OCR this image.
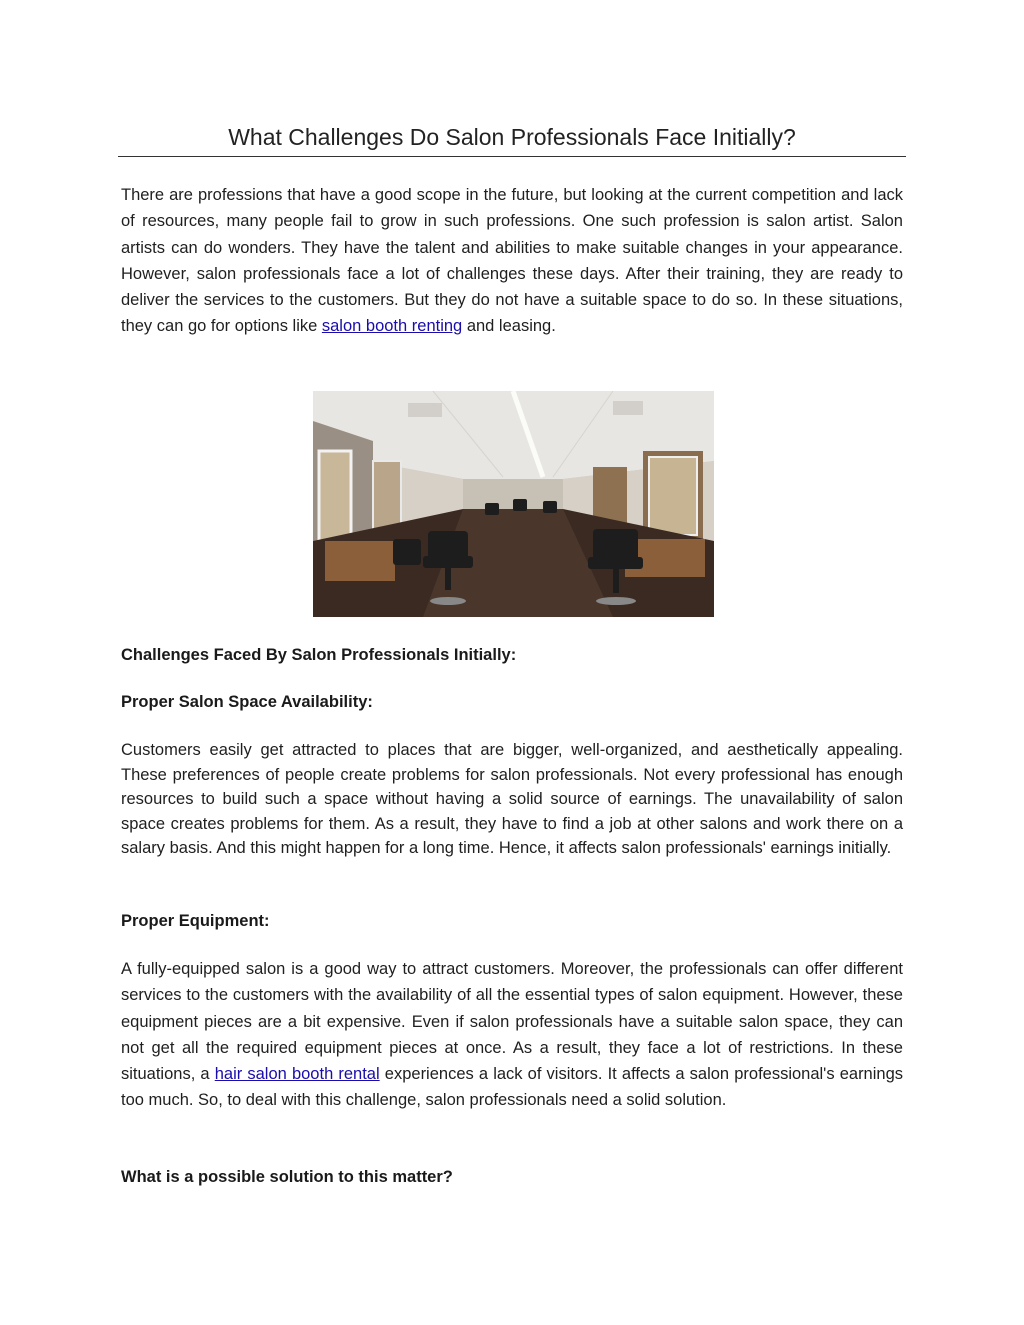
What Challenges Do Salon Professionals Face Initially?

There are professions that have a good scope in the future, but looking at the current competition and lack of resources, many people fail to grow in such professions. One such profession is salon artist. Salon artists can do wonders. They have the talent and abilities to make suitable changes in your appearance. However, salon professionals face a lot of challenges these days. After their training, they are ready to deliver the services to the customers. But they do not have a suitable space to do so. In these situations, they can go for options like salon booth renting and leasing.

Challenges Faced By Salon Professionals Initially:

Proper Salon Space Availability:

Customers easily get attracted to places that are bigger, well-organized, and aesthetically appealing. These preferences of people create problems for salon professionals. Not every professional has enough resources to build such a space without having a solid source of earnings. The unavailability of salon space creates problems for them. As a result, they have to find a job at other salons and work there on a salary basis. And this might happen for a long time. Hence, it affects salon professionals' earnings initially.

Proper Equipment:

A fully-equipped salon is a good way to attract customers. Moreover, the professionals can offer different services to the customers with the availability of all the essential types of salon equipment. However, these equipment pieces are a bit expensive. Even if salon professionals have a suitable salon space, they can not get all the required equipment pieces at once. As a result, they face a lot of restrictions. In these situations, a hair salon booth rental experiences a lack of visitors. It affects a salon professional's earnings too much. So, to deal with this challenge, salon professionals need a solid solution.

What is a possible solution to this matter?
